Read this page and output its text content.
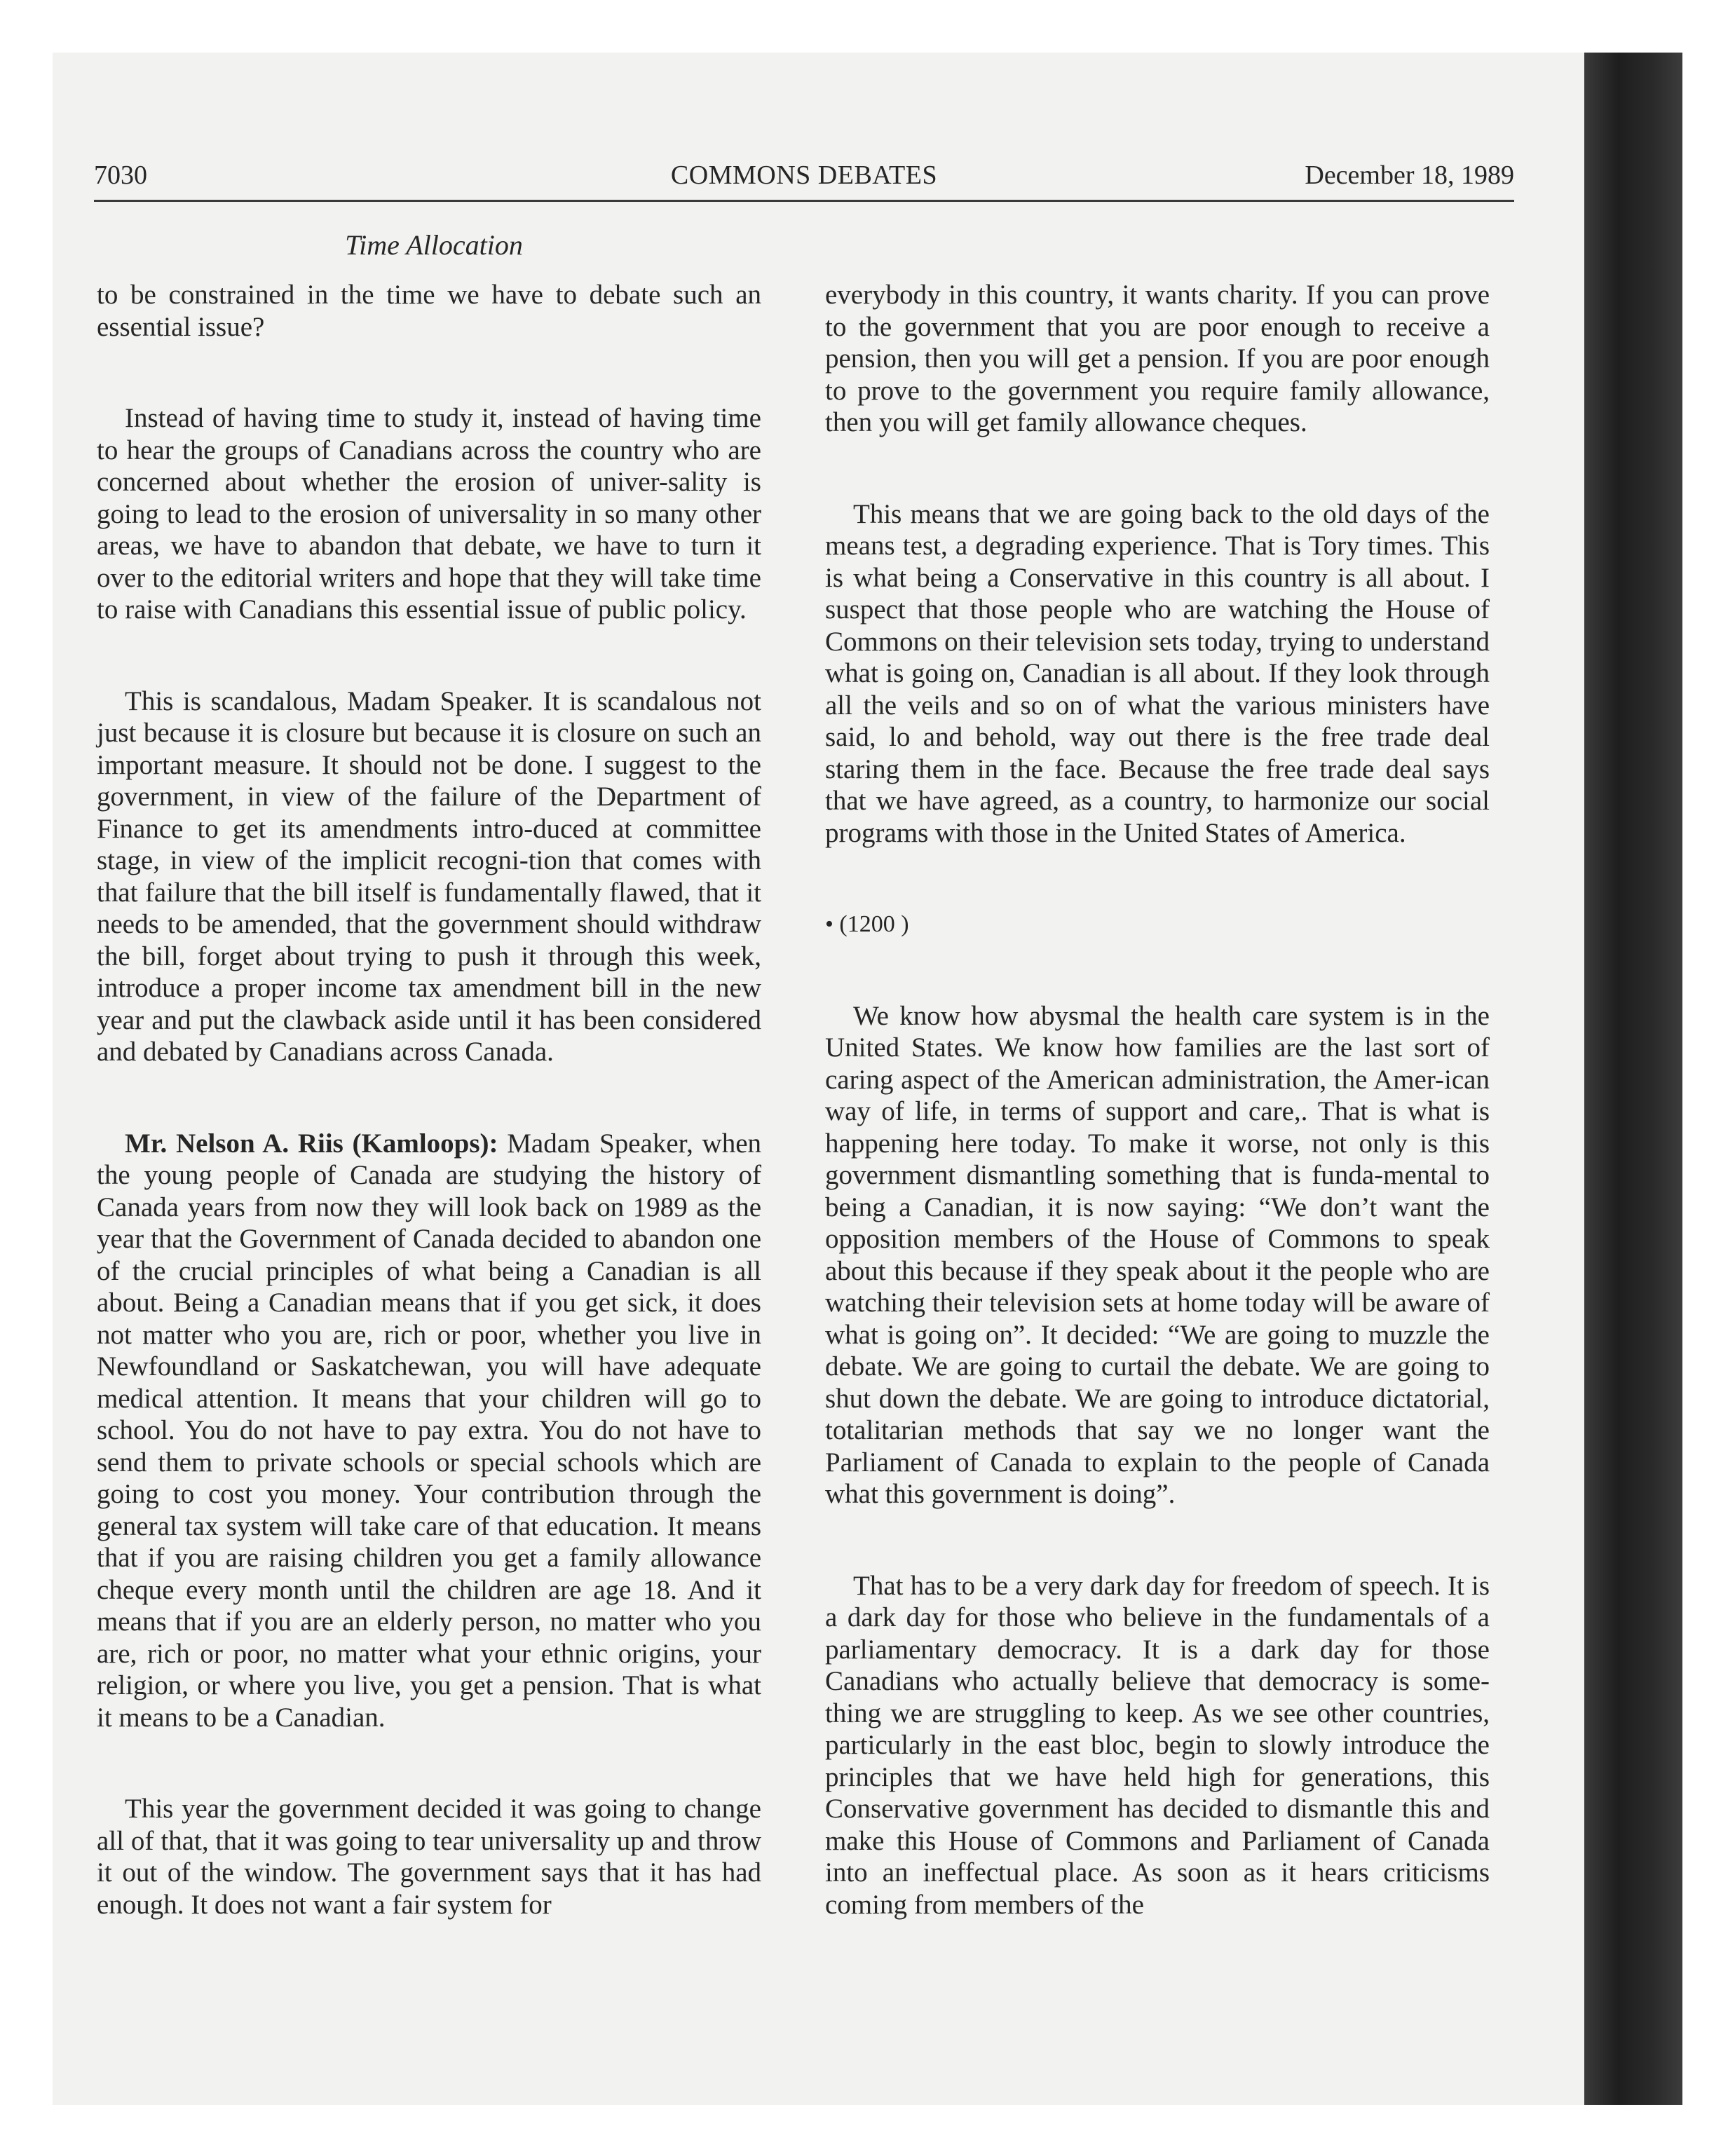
7030	COMMONS DEBATES	December 18, 1989
Time Allocation

to be constrained in the time we have to debate such an essential issue?

Instead of having time to study it, instead of having time to hear the groups of Canadians across the country who are concerned about whether the erosion of univer-sality is going to lead to the erosion of universality in so many other areas, we have to abandon that debate, we have to turn it over to the editorial writers and hope that they will take time to raise with Canadians this essential issue of public policy.

This is scandalous, Madam Speaker. It is scandalous not just because it is closure but because it is closure on such an important measure. It should not be done. I suggest to the government, in view of the failure of the Department of Finance to get its amendments intro-duced at committee stage, in view of the implicit recogni-tion that comes with that failure that the bill itself is fundamentally flawed, that it needs to be amended, that the government should withdraw the bill, forget about trying to push it through this week, introduce a proper income tax amendment bill in the new year and put the clawback aside until it has been considered and debated by Canadians across Canada.

Mr. Nelson A. Riis (Kamloops): Madam Speaker, when the young people of Canada are studying the history of Canada years from now they will look back on 1989 as the year that the Government of Canada decided to abandon one of the crucial principles of what being a Canadian is all about. Being a Canadian means that if you get sick, it does not matter who you are, rich or poor, whether you live in Newfoundland or Saskatchewan, you will have adequate medical attention. It means that your children will go to school. You do not have to pay extra. You do not have to send them to private schools or special schools which are going to cost you money. Your contribution through the general tax system will take care of that education. It means that if you are raising children you get a family allowance cheque every month until the children are age 18. And it means that if you are an elderly person, no matter who you are, rich or poor, no matter what your ethnic origins, your religion, or where you live, you get a pension. That is what it means to be a Canadian.

This year the government decided it was going to change all of that, that it was going to tear universality up and throw it out of the window. The government says that it has had enough. It does not want a fair system for

everybody in this country, it wants charity. If you can prove to the government that you are poor enough to receive a pension, then you will get a pension. If you are poor enough to prove to the government you require family allowance, then you will get family allowance cheques.

This means that we are going back to the old days of the means test, a degrading experience. That is Tory times. This is what being a Conservative in this country is all about. I suspect that those people who are watching the House of Commons on their television sets today, trying to understand what is going on, Canadian is all about. If they look through all the veils and so on of what the various ministers have said, lo and behold, way out there is the free trade deal staring them in the face. Because the free trade deal says that we have agreed, as a country, to harmonize our social programs with those in the United States of America.

• (1200 )

We know how abysmal the health care system is in the United States. We know how families are the last sort of caring aspect of the American administration, the Amer-ican way of life, in terms of support and care,. That is what is happening here today. To make it worse, not only is this government dismantling something that is funda-mental to being a Canadian, it is now saying: “We don’t want the opposition members of the House of Commons to speak about this because if they speak about it the people who are watching their television sets at home today will be aware of what is going on”. It decided: “We are going to muzzle the debate. We are going to curtail the debate. We are going to shut down the debate. We are going to introduce dictatorial, totalitarian methods that say we no longer want the Parliament of Canada to explain to the people of Canada what this government is doing”.

That has to be a very dark day for freedom of speech. It is a dark day for those who believe in the fundamentals of a parliamentary democracy. It is a dark day for those Canadians who actually believe that democracy is some-thing we are struggling to keep. As we see other countries, particularly in the east bloc, begin to slowly introduce the principles that we have held high for generations, this Conservative government has decided to dismantle this and make this House of Commons and Parliament of Canada into an ineffectual place. As soon as it hears criticisms coming from members of the
